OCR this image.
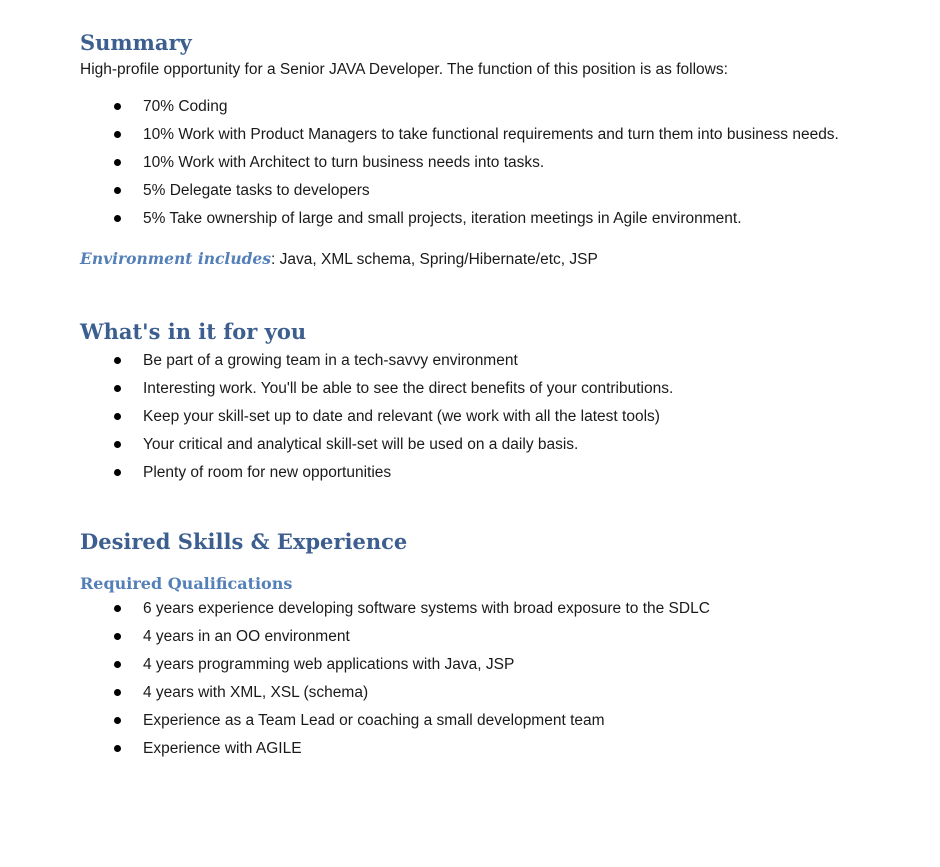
Summary

High-profile opportunity for a Senior JAVA Developer. The function of this position is as follows:

70% Coding
10% Work with Product Managers to take functional requirements and turn them into business needs.
10% Work with Architect to turn business needs into tasks.
5% Delegate tasks to developers
5% Take ownership of large and small projects, iteration meetings in Agile environment.

Environment includes: Java, XML schema, Spring/Hibernate/etc, JSP

What's in it for you
Be part of a growing team in a tech-savvy environment
Interesting work. You'll be able to see the direct benefits of your contributions.
Keep your skill-set up to date and relevant (we work with all the latest tools)
Your critical and analytical skill-set will be used on a daily basis.
Plenty of room for new opportunities
Desired Skills & Experience
Required Qualifications
6 years experience developing software systems with broad exposure to the SDLC
4 years in an OO environment
4 years programming web applications with Java, JSP
4 years with XML, XSL (schema)
Experience as a Team Lead or coaching a small development team
Experience with AGILE
